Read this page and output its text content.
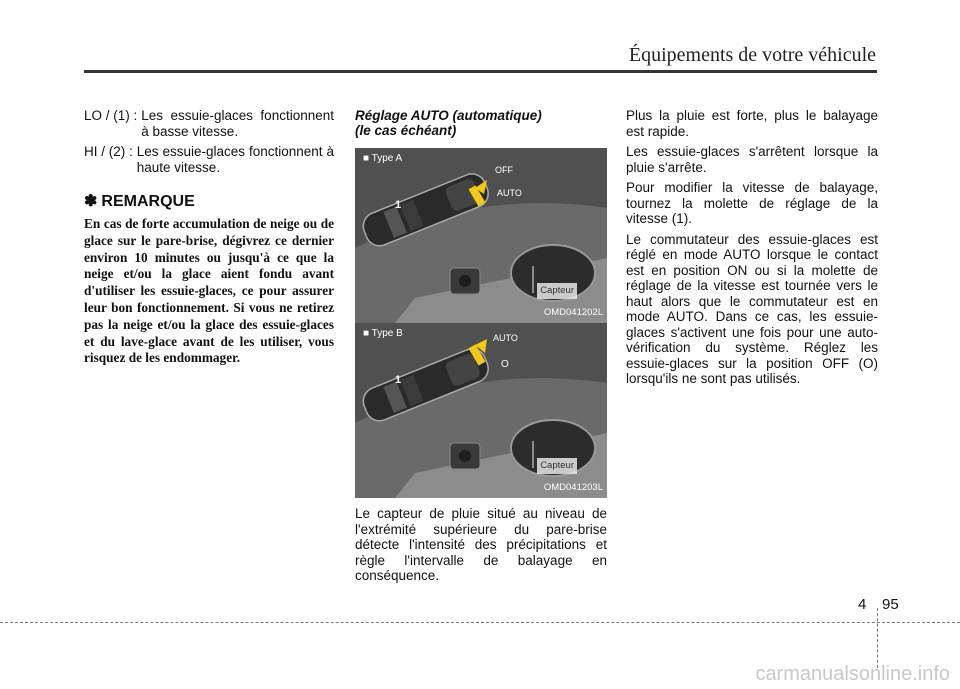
Équipements de votre véhicule
LO / (1) : Les essuie-glaces fonctionnent à basse vitesse.
HI / (2) : Les essuie-glaces fonctionnent à haute vitesse.
✽ REMARQUE

En cas de forte accumulation de neige ou de glace sur le pare-brise, dégivrez ce dernier environ 10 minutes ou jusqu'à ce que la neige et/ou la glace aient fondu avant d'utiliser les essuie-glaces, ce pour assurer leur bon fonctionnement. Si vous ne retirez pas la neige et/ou la glace des essuie-glaces et du lave-glace avant de les utiliser, vous risquez de les endommager.

Réglage AUTO (automatique) (le cas échéant)
OFF
AUTO
1
■ Type A
Capteur
OMD041202L
AUTO
O
1
■ Type B
Capteur
OMD041203L

Le capteur de pluie situé au niveau de l'extrémité supérieure du pare-brise détecte l'intensité des précipitations et règle l'intervalle de balayage en conséquence.

Plus la pluie est forte, plus le balayage est rapide.

Les essuie-glaces s'arrêtent lorsque la pluie s'arrête.

Pour modifier la vitesse de balayage, tournez la molette de réglage de la vitesse (1).

Le commutateur des essuie-glaces est réglé en mode AUTO lorsque le contact est en position ON ou si la molette de réglage de la vitesse est tournée vers le haut alors que le commutateur est en mode AUTO. Dans ce cas, les essuie-glaces s'activent une fois pour une auto-vérification du système. Réglez les essuie-glaces sur la position OFF (O) lorsqu'ils ne sont pas utilisés.

4 95
carmanualsonline.info
